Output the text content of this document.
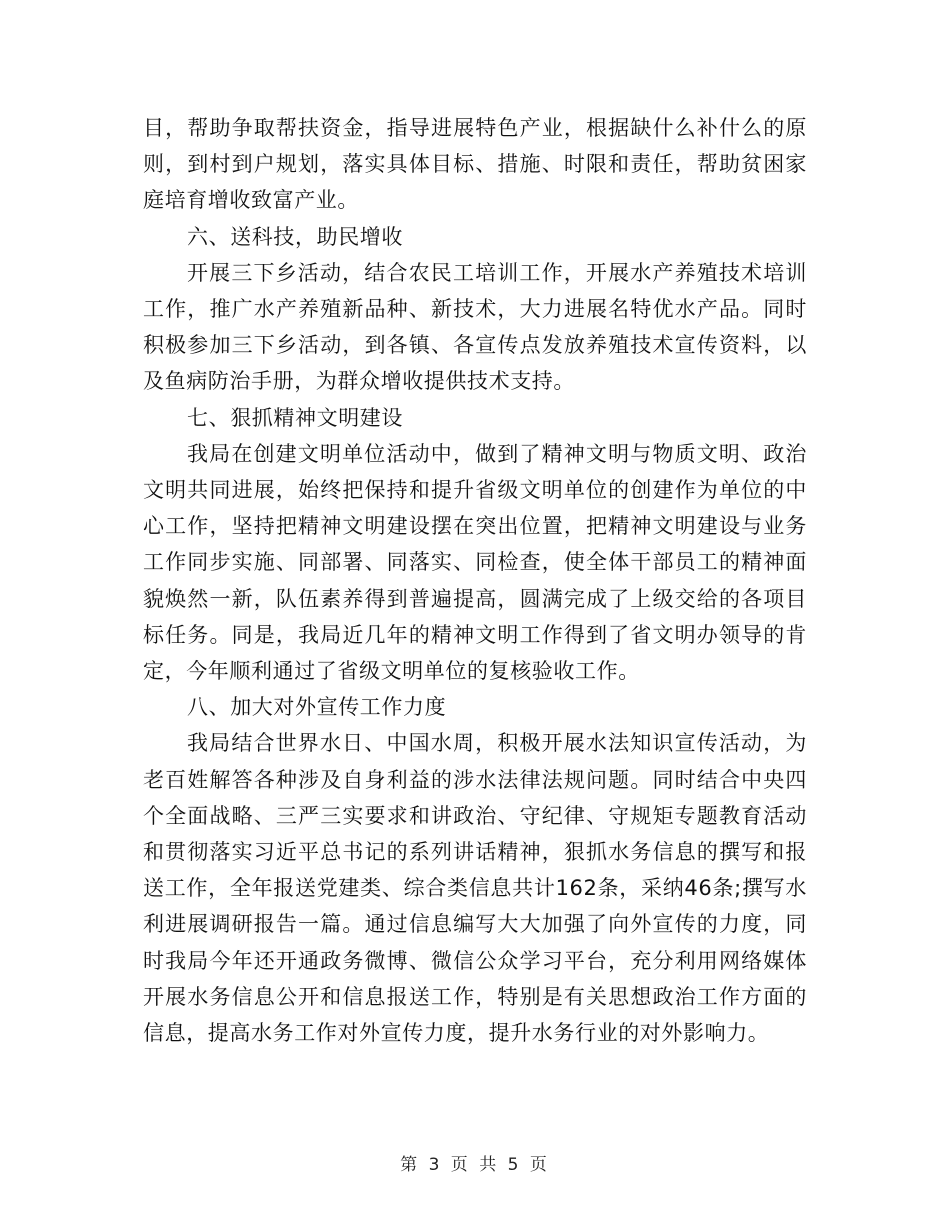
目，帮助争取帮扶资金，指导进展特色产业，根据缺什么补什么的原则，到村到户规划，落实具体目标、措施、时限和责任，帮助贫困家庭培育增收致富产业。

六、送科技，助民增收

开展三下乡活动，结合农民工培训工作，开展水产养殖技术培训工作，推广水产养殖新品种、新技术，大力进展名特优水产品。同时积极参加三下乡活动，到各镇、各宣传点发放养殖技术宣传资料，以及鱼病防治手册，为群众增收提供技术支持。

七、狠抓精神文明建设

我局在创建文明单位活动中，做到了精神文明与物质文明、政治文明共同进展，始终把保持和提升省级文明单位的创建作为单位的中心工作，坚持把精神文明建设摆在突出位置，把精神文明建设与业务工作同步实施、同部署、同落实、同检查，使全体干部员工的精神面貌焕然一新，队伍素养得到普遍提高，圆满完成了上级交给的各项目标任务。同是，我局近几年的精神文明工作得到了省文明办领导的肯定，今年顺利通过了省级文明单位的复核验收工作。

八、加大对外宣传工作力度

我局结合世界水日、中国水周，积极开展水法知识宣传活动，为老百姓解答各种涉及自身利益的涉水法律法规问题。同时结合中央四个全面战略、三严三实要求和讲政治、守纪律、守规矩专题教育活动和贯彻落实习近平总书记的系列讲话精神，狠抓水务信息的撰写和报送工作，全年报送党建类、综合类信息共计162条，采纳46条;撰写水利进展调研报告一篇。通过信息编写大大加强了向外宣传的力度，同时我局今年还开通政务微博、微信公众学习平台，充分利用网络媒体开展水务信息公开和信息报送工作，特别是有关思想政治工作方面的信息，提高水务工作对外宣传力度，提升水务行业的对外影响力。

第 3 页 共 5 页
